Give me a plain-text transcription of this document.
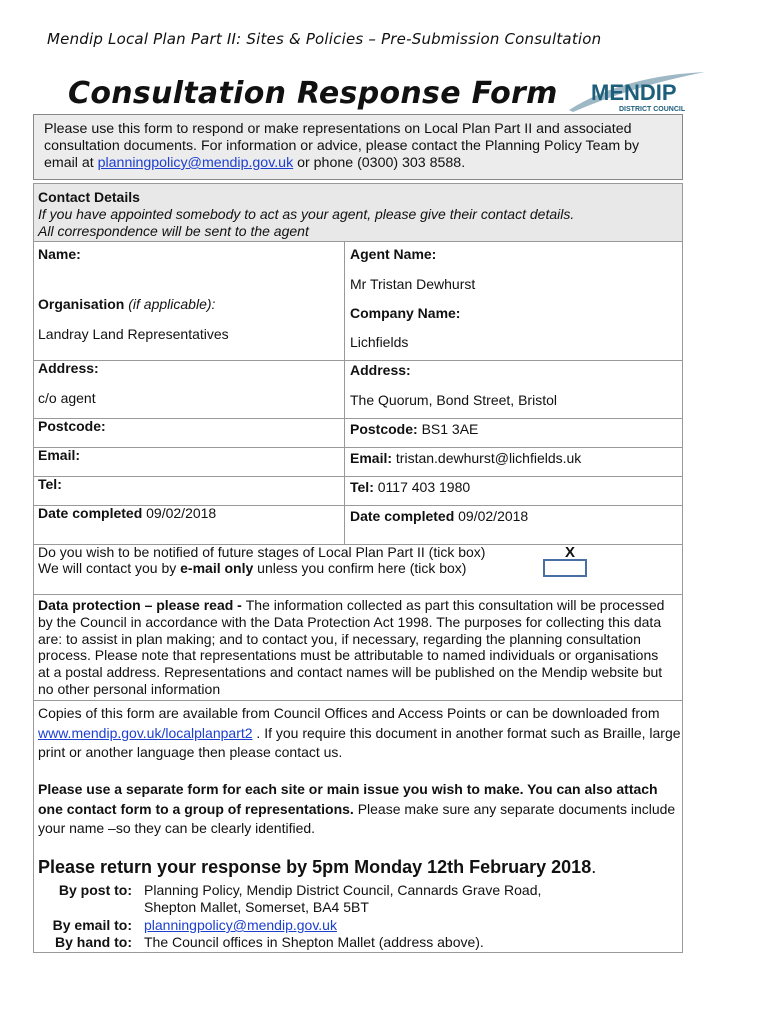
Mendip Local Plan Part II: Sites & Policies – Pre-Submission Consultation
Consultation Response Form MENDIP
DISTRICT COUNCIL
Please use this form to respond or make representations on Local Plan Part II and associated consultation documents. For information or advice, please contact the Planning Policy Team by email at planningpolicy@mendip.gov.uk or phone (0300) 303 8588.
Contact Details
If you have appointed somebody to act as your agent, please give their contact details.
All correspondence will be sent to the agent
Name:
Organisation (if applicable):
Landray Land Representatives
Address:
c/o agent
Postcode:
Email:
Tel:
Date completed 09/02/2018
Agent Name:
Mr Tristan Dewhurst
Company Name:
Lichfields
Address:
The Quorum, Bond Street, Bristol
Postcode: BS1 3AE
Email: tristan.dewhurst@lichfields.uk
Tel: 0117 403 1980
Date completed 09/02/2018
Do you wish to be notified of future stages of Local Plan Part II (tick box)
We will contact you by e-mail only unless you confirm here (tick box)
X
Data protection – please read - The information collected as part this consultation will be processed by the Council in accordance with the Data Protection Act 1998. The purposes for collecting this data are: to assist in plan making; and to contact you, if necessary, regarding the planning consultation process. Please note that representations must be attributable to named individuals or organisations at a postal address. Representations and contact names will be published on the Mendip website but no other personal information
Copies of this form are available from Council Offices and Access Points or can be downloaded from www.mendip.gov.uk/localplanpart2 . If you require this document in another format such as Braille, large print or another language then please contact us.
Please use a separate form for each site or main issue you wish to make. You can also attach one contact form to a group of representations. Please make sure any separate documents include your name –so they can be clearly identified.
Please return your response by 5pm Monday 12th February 2018.
By post to: Planning Policy, Mendip District Council, Cannards Grave Road,
Shepton Mallet, Somerset, BA4 5BT
By email to: planningpolicy@mendip.gov.uk
By hand to: The Council offices in Shepton Mallet (address above).
